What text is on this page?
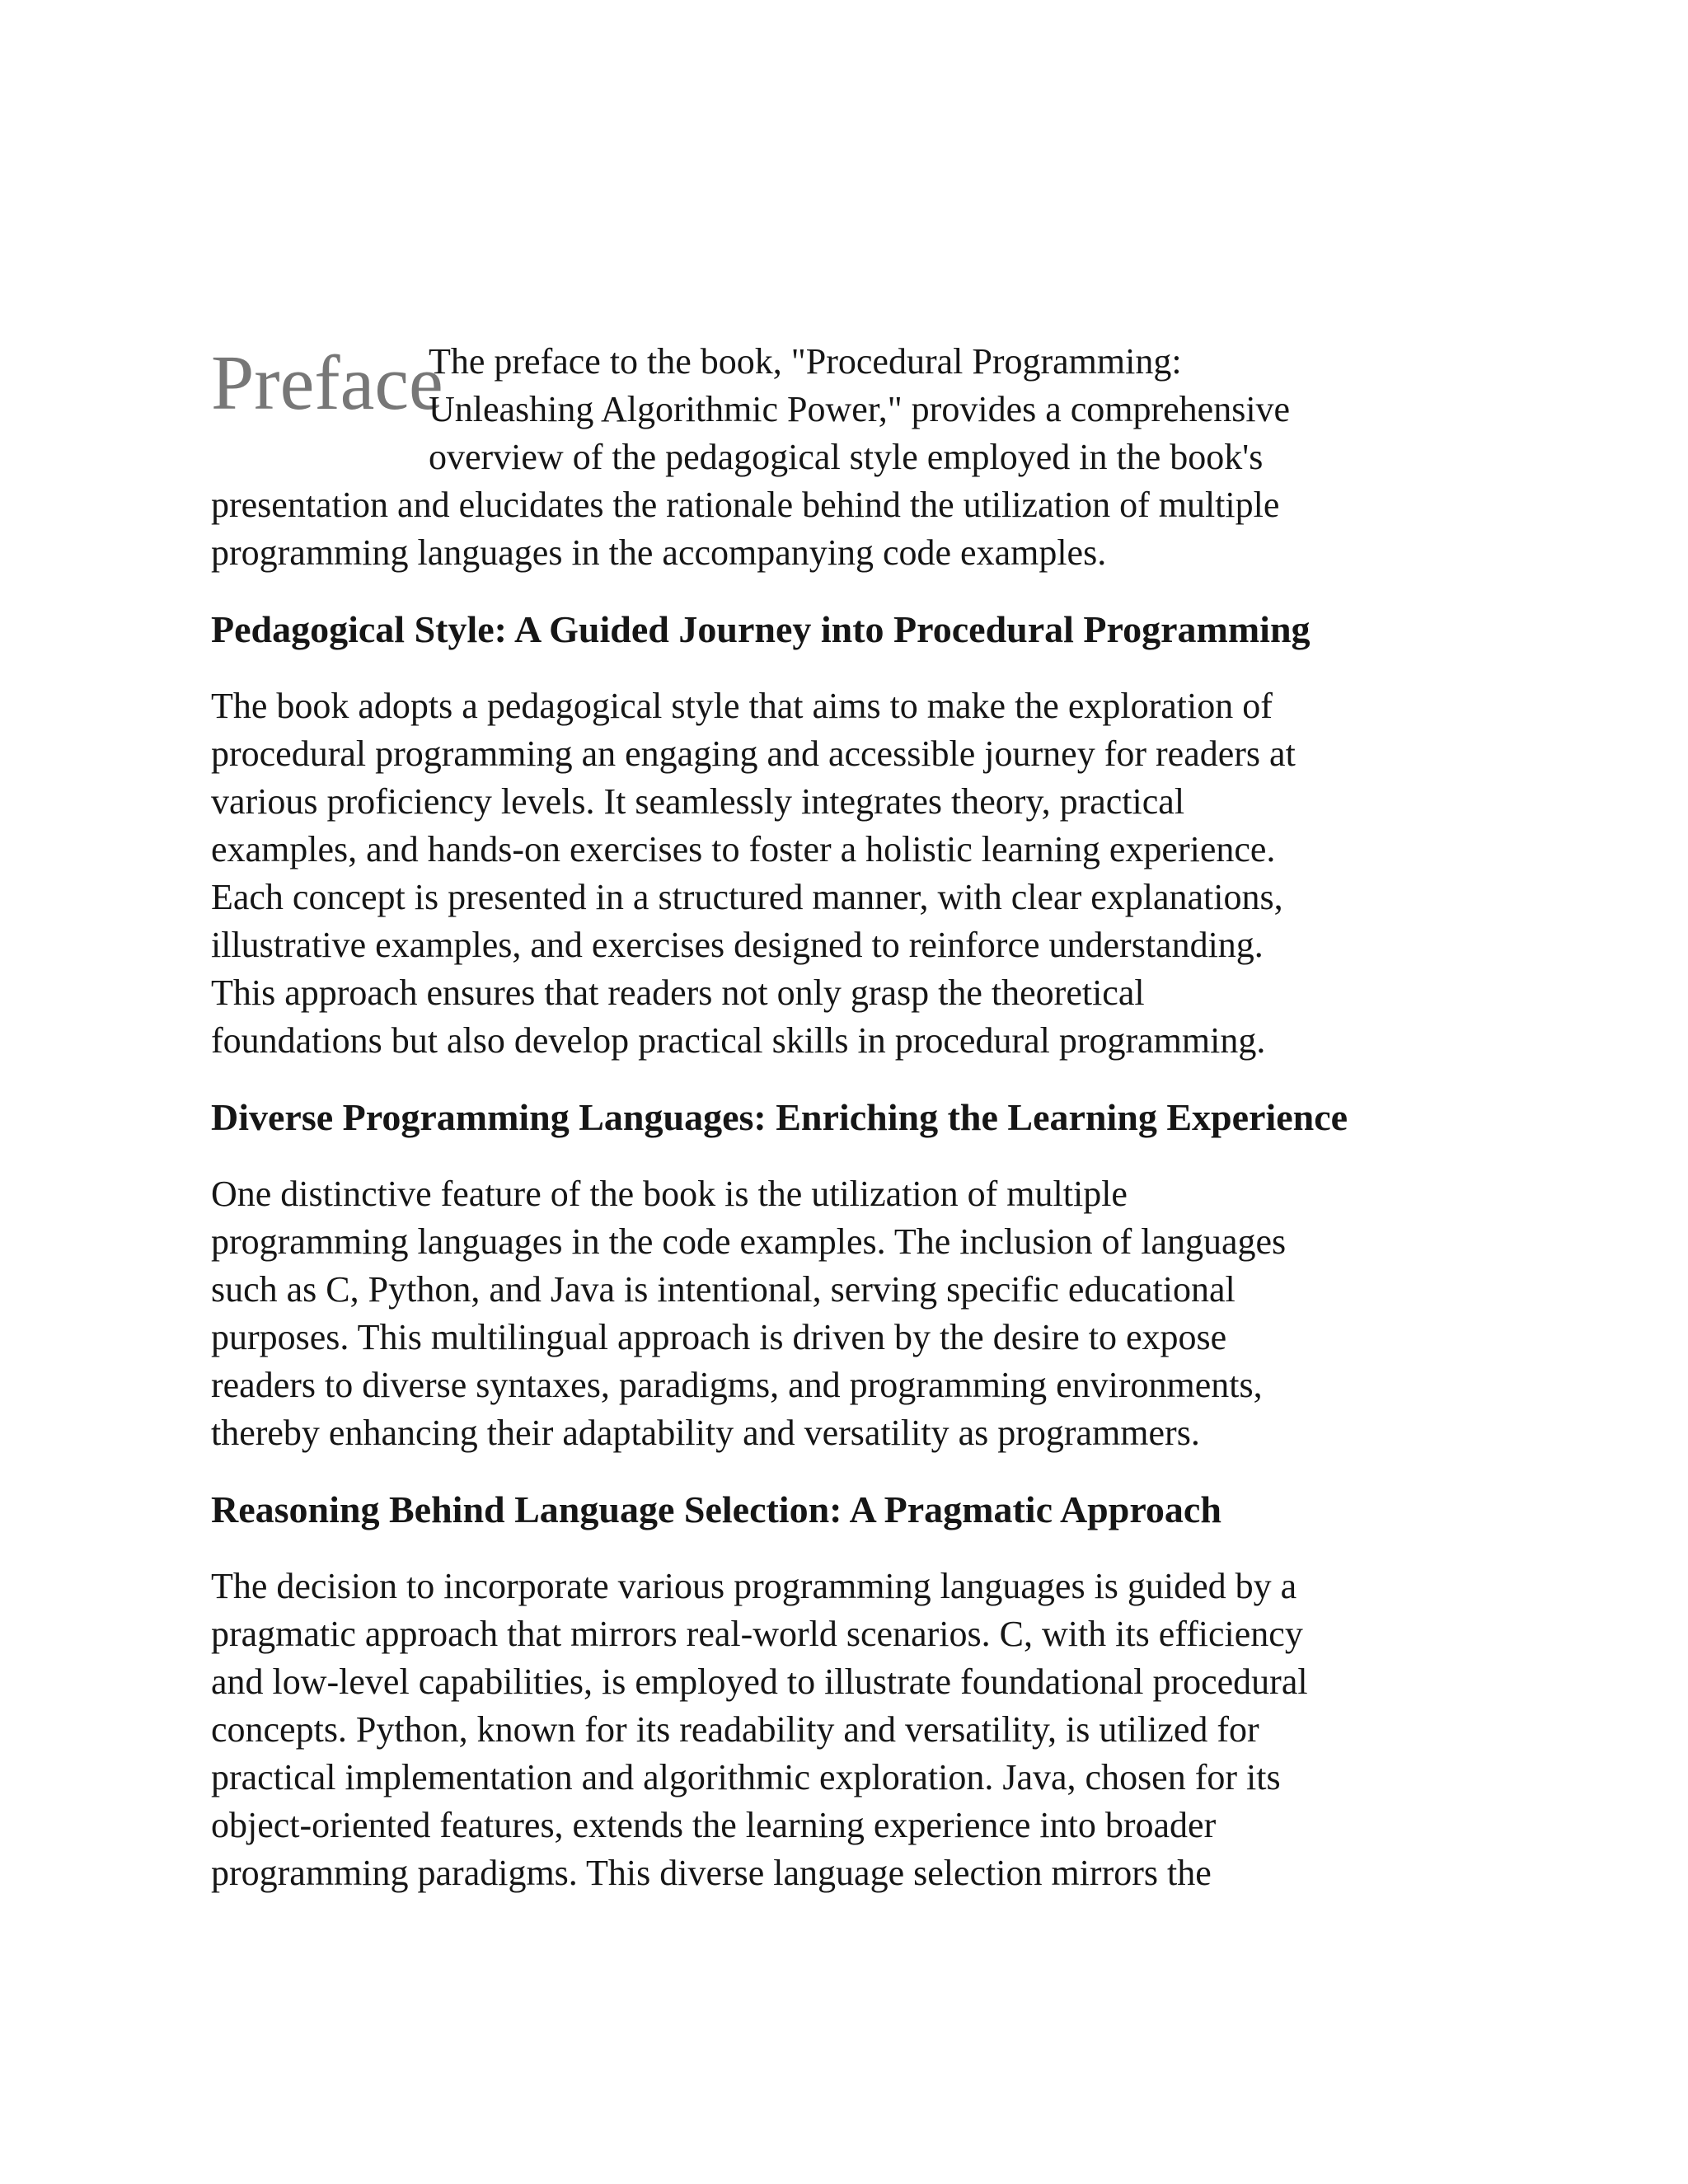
Preface

The preface to the book, "Procedural Programming:

Unleashing Algorithmic Power," provides a comprehensive

overview of the pedagogical style employed in the book's

presentation and elucidates the rationale behind the utilization of multiple

programming languages in the accompanying code examples.

Pedagogical Style: A Guided Journey into Procedural Programming

The book adopts a pedagogical style that aims to make the exploration of
procedural programming an engaging and accessible journey for readers at
various proficiency levels. It seamlessly integrates theory, practical
examples, and hands-on exercises to foster a holistic learning experience.
Each concept is presented in a structured manner, with clear explanations,
illustrative examples, and exercises designed to reinforce understanding.
This approach ensures that readers not only grasp the theoretical
foundations but also develop practical skills in procedural programming.

Diverse Programming Languages: Enriching the Learning Experience

One distinctive feature of the book is the utilization of multiple
programming languages in the code examples. The inclusion of languages
such as C, Python, and Java is intentional, serving specific educational
purposes. This multilingual approach is driven by the desire to expose
readers to diverse syntaxes, paradigms, and programming environments,
thereby enhancing their adaptability and versatility as programmers.

Reasoning Behind Language Selection: A Pragmatic Approach

The decision to incorporate various programming languages is guided by a
pragmatic approach that mirrors real-world scenarios. C, with its efficiency
and low-level capabilities, is employed to illustrate foundational procedural
concepts. Python, known for its readability and versatility, is utilized for
practical implementation and algorithmic exploration. Java, chosen for its
object-oriented features, extends the learning experience into broader
programming paradigms. This diverse language selection mirrors the
